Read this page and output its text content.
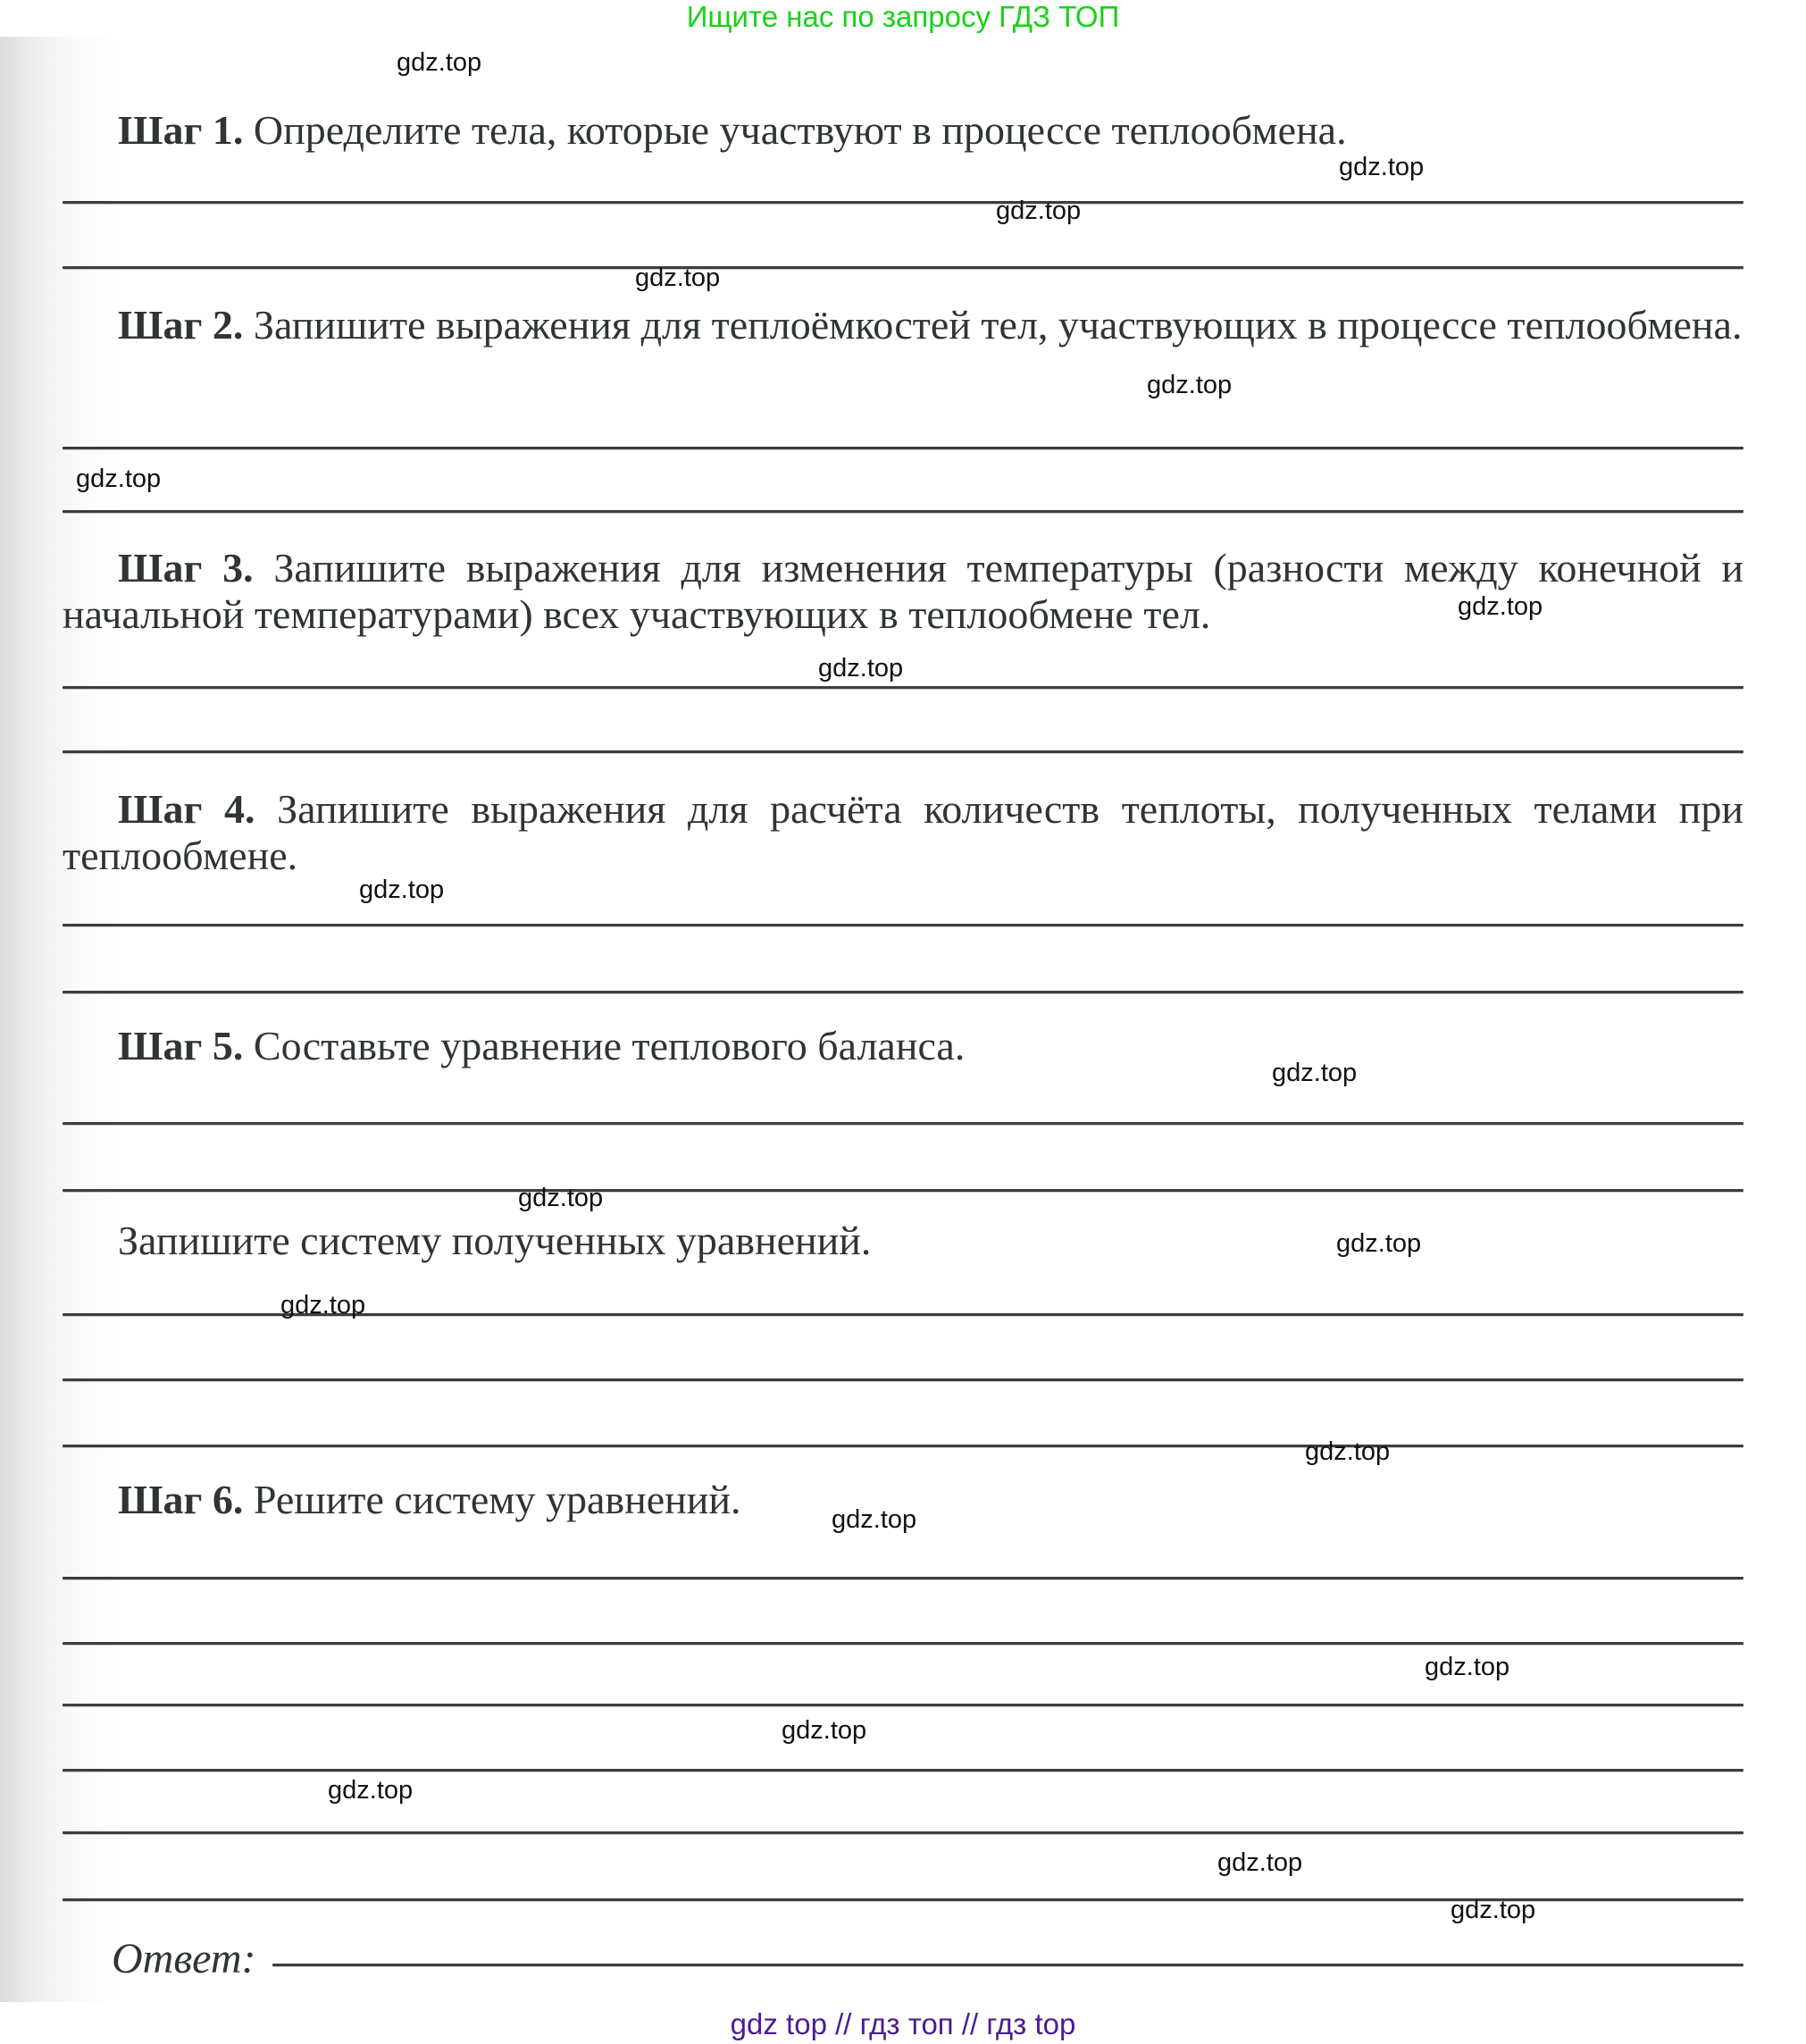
Ищите нас по запросу ГДЗ ТОП
Шаг 1. Определите тела, которые участвуют в процессе теплообмена.
Шаг 2. Запишите выражения для теплоёмкостей тел, участвующих в процессе теплообмена.
Шаг 3. Запишите выражения для изменения температуры (разности между конечной и начальной температурами) всех участвующих в теплообмене тел.
Шаг 4. Запишите выражения для расчёта количеств теплоты, полученных телами при теплообмене.
Шаг 5. Составьте уравнение теплового баланса.
Запишите систему полученных уравнений.
Шаг 6. Решите систему уравнений.
Ответ:
gdz.top
gdz.top
gdz.top
gdz.top
gdz.top
gdz.top
gdz.top
gdz.top
gdz.top
gdz.top
gdz.top
gdz.top
gdz.top
gdz.top
gdz.top
gdz.top
gdz.top
gdz.top
gdz.top
gdz.top
gdz top // гдз топ // гдз top
